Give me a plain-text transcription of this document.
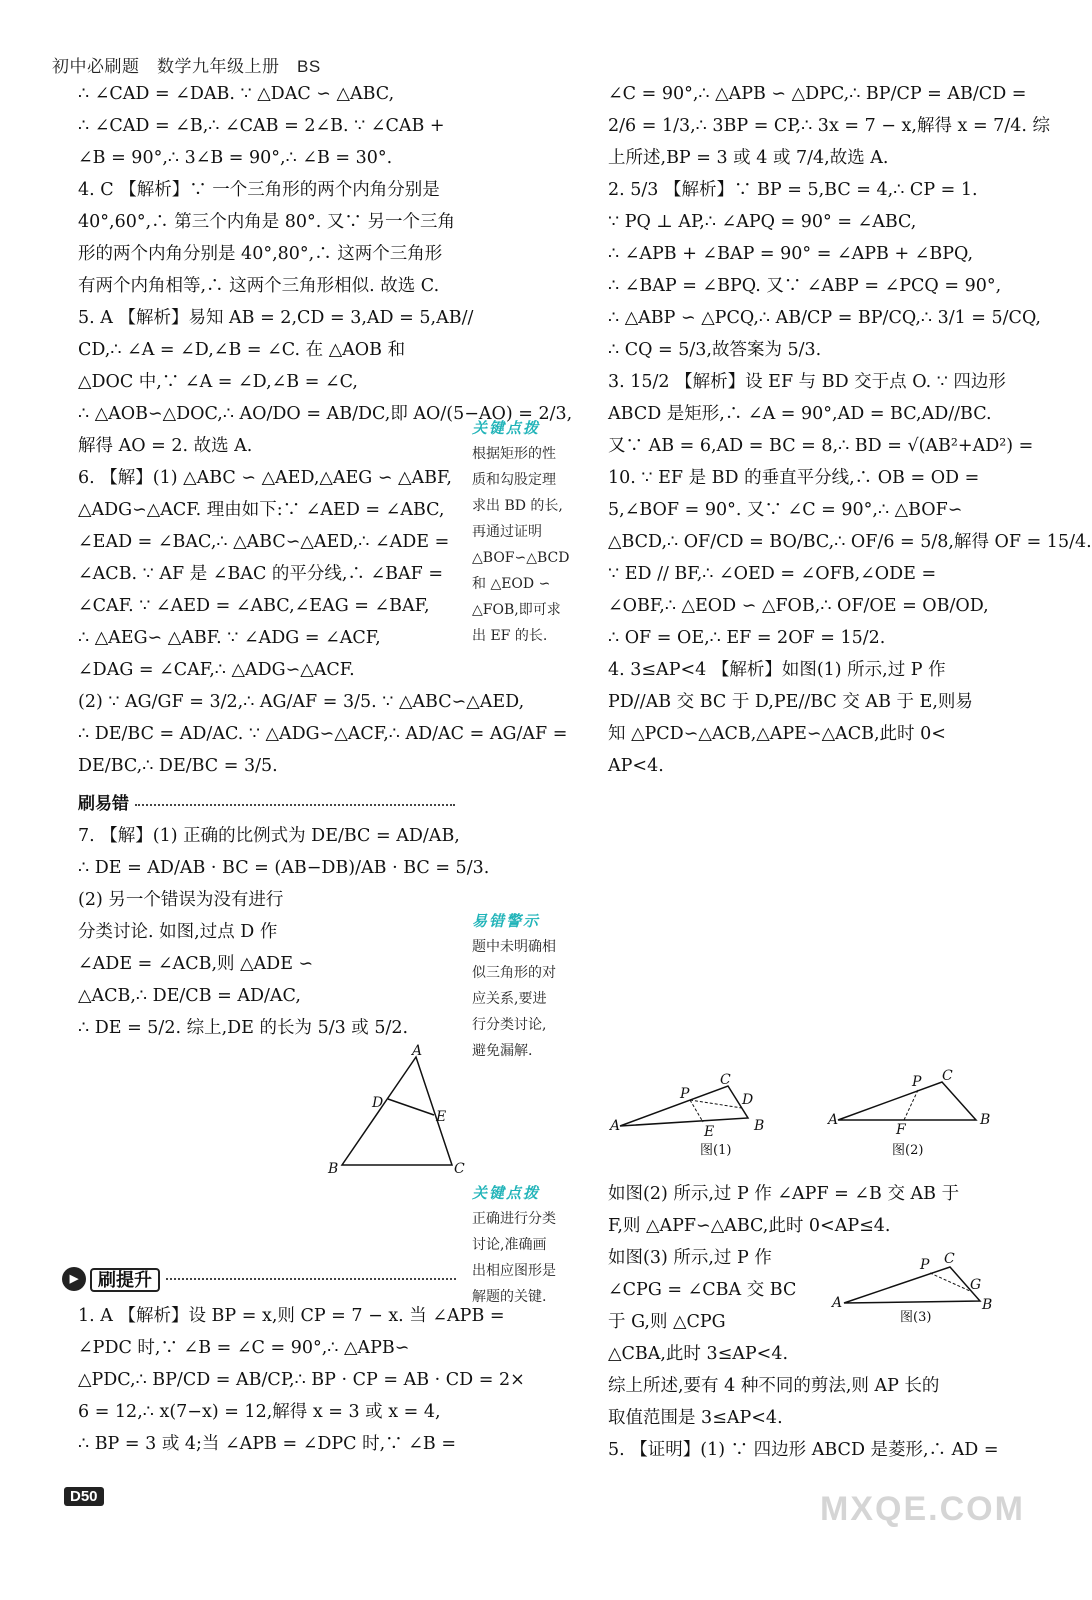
初中必刷题　数学九年级上册　BS
∴ ∠CAD = ∠DAB. ∵ △DAC ∽ △ABC,
∴ ∠CAD = ∠B,∴ ∠CAB = 2∠B. ∵ ∠CAB +
∠B = 90°,∴ 3∠B = 90°,∴ ∠B = 30°.
4. C 【解析】∵ 一个三角形的两个内角分别是
40°,60°,∴ 第三个内角是 80°. 又∵ 另一个三角
形的两个内角分别是 40°,80°,∴ 这两个三角形
有两个内角相等,∴ 这两个三角形相似. 故选 C.
5. A 【解析】易知 AB = 2,CD = 3,AD = 5,AB//
CD,∴ ∠A = ∠D,∠B = ∠C. 在 △AOB 和
△DOC 中,∵ ∠A = ∠D,∠B = ∠C,
∴ △AOB∽△DOC,∴ AO/DO = AB/DC,即 AO/(5−AO) = 2/3,
解得 AO = 2. 故选 A.
6. 【解】(1) △ABC ∽ △AED,△AEG ∽ △ABF,
△ADG∽△ACF. 理由如下:∵ ∠AED = ∠ABC,
∠EAD = ∠BAC,∴ △ABC∽△AED,∴ ∠ADE =
∠ACB. ∵ AF 是 ∠BAC 的平分线,∴ ∠BAF =
∠CAF. ∵ ∠AED = ∠ABC,∠EAG = ∠BAF,
∴ △AEG∽ △ABF. ∵ ∠ADG = ∠ACF,
∠DAG = ∠CAF,∴ △ADG∽△ACF.
(2) ∵ AG/GF = 3/2,∴ AG/AF = 3/5. ∵ △ABC∽△AED,
∴ DE/BC = AD/AC. ∵ △ADG∽△ACF,∴ AD/AC = AG/AF =
DE/BC,∴ DE/BC = 3/5.
刷易错
7. 【解】(1) 正确的比例式为 DE/BC = AD/AB,
∴ DE = AD/AB · BC = (AB−DB)/AB · BC = 5/3.
(2) 另一个错误为没有进行
分类讨论. 如图,过点 D 作
∠ADE = ∠ACB,则 △ADE ∽
△ACB,∴ DE/CB = AD/AC,
∴ DE = 5/2. 综上,DE 的长为 5/3 或 5/2.
▶ 刷提升
1. A 【解析】设 BP = x,则 CP = 7 − x. 当 ∠APB =
∠PDC 时,∵ ∠B = ∠C = 90°,∴ △APB∽
△PDC,∴ BP/CD = AB/CP,∴ BP · CP = AB · CD = 2×
6 = 12,∴ x(7−x) = 12,解得 x = 3 或 x = 4,
∴ BP = 3 或 4;当 ∠APB = ∠DPC 时,∵ ∠B =
关键点拨
根据矩形的性
质和勾股定理
求出 BD 的长,
再通过证明
△BOF∽△BCD
和 △EOD ∽
△FOB,即可求
出 EF 的长.
易错警示
题中未明确相
似三角形的对
应关系,要进
行分类讨论,
避免漏解.
关键点拨
正确进行分类
讨论,准确画
出相应图形是
解题的关键.
∠C = 90°,∴ △APB ∽ △DPC,∴ BP/CP = AB/CD =
2/6 = 1/3,∴ 3BP = CP,∴ 3x = 7 − x,解得 x = 7/4. 综
上所述,BP = 3 或 4 或 7/4,故选 A.
2. 5/3 【解析】∵ BP = 5,BC = 4,∴ CP = 1.
∵ PQ ⊥ AP,∴ ∠APQ = 90° = ∠ABC,
∴ ∠APB + ∠BAP = 90° = ∠APB + ∠BPQ,
∴ ∠BAP = ∠BPQ. 又∵ ∠ABP = ∠PCQ = 90°,
∴ △ABP ∽ △PCQ,∴ AB/CP = BP/CQ,∴ 3/1 = 5/CQ,
∴ CQ = 5/3,故答案为 5/3.
3. 15/2 【解析】设 EF 与 BD 交于点 O. ∵ 四边形
ABCD 是矩形,∴ ∠A = 90°,AD = BC,AD//BC.
又∵ AB = 6,AD = BC = 8,∴ BD = √(AB²+AD²) =
10. ∵ EF 是 BD 的垂直平分线,∴ OB = OD =
5,∠BOF = 90°. 又∵ ∠C = 90°,∴ △BOF∽
△BCD,∴ OF/CD = BO/BC,∴ OF/6 = 5/8,解得 OF = 15/4.
∵ ED // BF,∴ ∠OED = ∠OFB,∠ODE =
∠OBF,∴ △EOD ∽ △FOB,∴ OF/OE = OB/OD,
∴ OF = OE,∴ EF = 2OF = 15/2.
4. 3≤AP<4 【解析】如图(1) 所示,过 P 作
PD//AB 交 BC 于 D,PE//BC 交 AB 于 E,则易
知 △PCD∽△ACB,△APE∽△ACB,此时 0<
AP<4.
如图(2) 所示,过 P 作 ∠APF = ∠B 交 AB 于
F,则 △APF∽△ABC,此时 0<AP≤4.
如图(3) 所示,过 P 作
∠CPG = ∠CBA 交 BC
于 G,则 △CPG
△CBA,此时 3≤AP<4.
综上所述,要有 4 种不同的剪法,则 AP 长的
取值范围是 3≤AP<4.
5. 【证明】(1) ∵ 四边形 ABCD 是菱形,∴ AD =
A
D
E
B	C
A
P
C
D
B
E
图(1)
A
P C
B
F
图(2)
A
P C
G
B
图(3)
D50	MXQE.COM
